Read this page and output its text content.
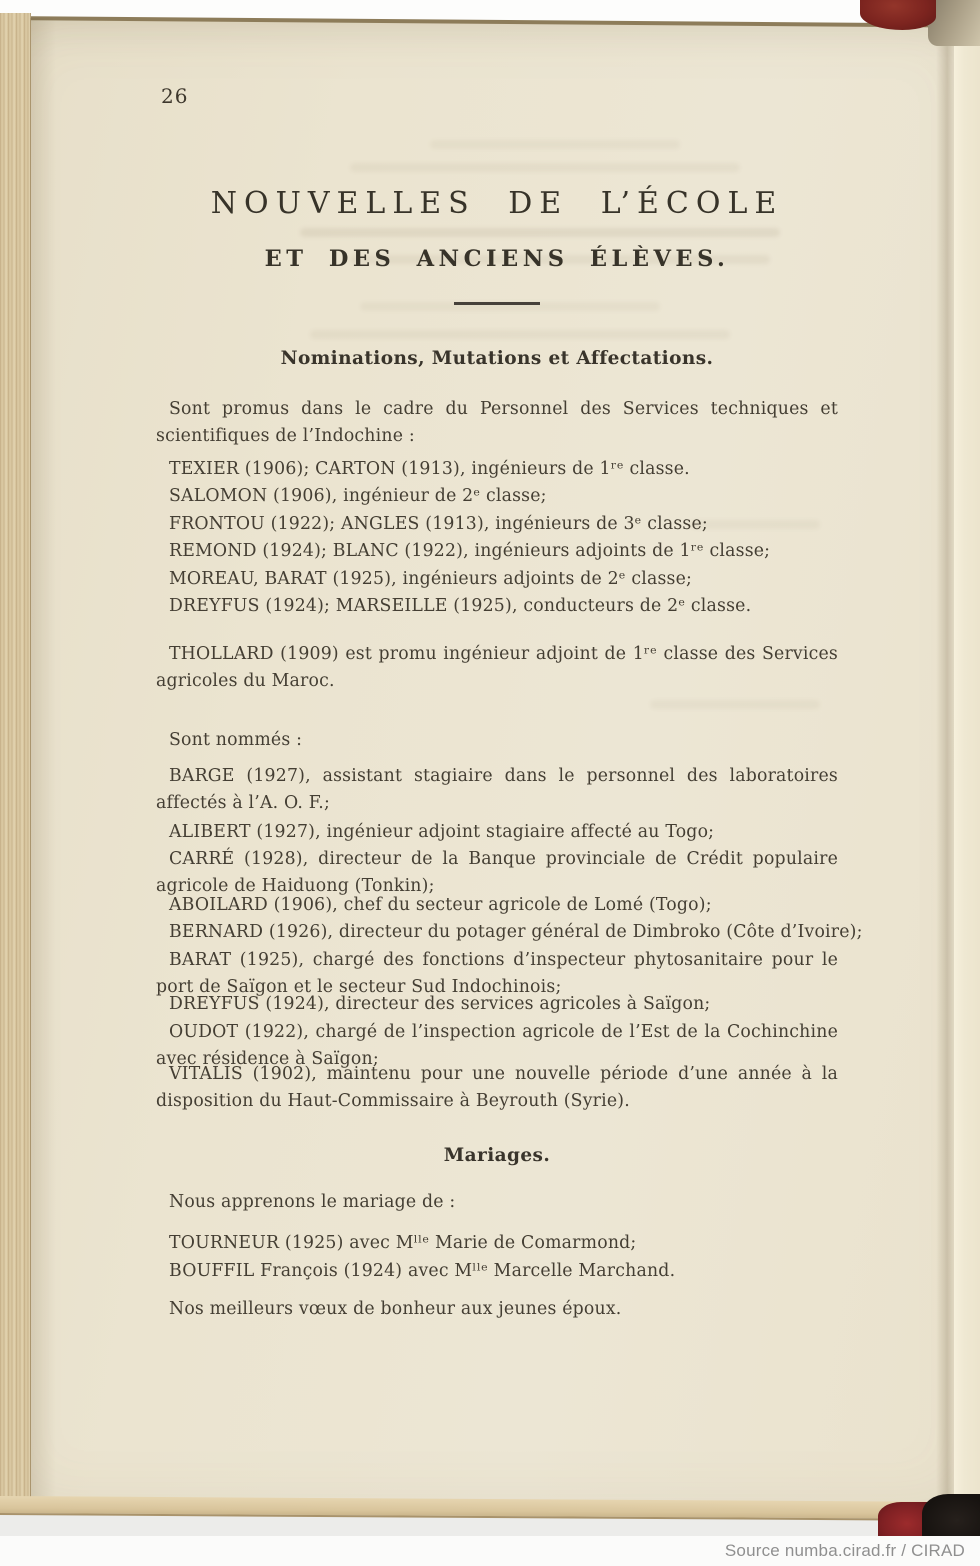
26
NOUVELLES DE L’ÉCOLE
ET DES ANCIENS ÉLÈVES.
Nominations, Mutations et Affectations.
Sont promus dans le cadre du Personnel des Services techniques et scientifiques de l’Indochine :
TEXIER (1906); CARTON (1913), ingénieurs de 1ʳᵉ classe.
SALOMON (1906), ingénieur de 2ᵉ classe;
FRONTOU (1922); ANGLES (1913), ingénieurs de 3ᵉ classe;
REMOND (1924); BLANC (1922), ingénieurs adjoints de 1ʳᵉ classe;
MOREAU, BARAT (1925), ingénieurs adjoints de 2ᵉ classe;
DREYFUS (1924); MARSEILLE (1925), conducteurs de 2ᵉ classe.
THOLLARD (1909) est promu ingénieur adjoint de 1ʳᵉ classe des Services agricoles du Maroc.
Sont nommés :
BARGE (1927), assistant stagiaire dans le personnel des laboratoires affectés à l’A. O. F.;
ALIBERT (1927), ingénieur adjoint stagiaire affecté au Togo;
CARRÉ (1928), directeur de la Banque provinciale de Crédit populaire agricole de Haiduong (Tonkin);
ABOILARD (1906), chef du secteur agricole de Lomé (Togo);
BERNARD (1926), directeur du potager général de Dimbroko (Côte d’Ivoire);
BARAT (1925), chargé des fonctions d’inspecteur phytosanitaire pour le port de Saïgon et le secteur Sud Indochinois;
DREYFUS (1924), directeur des services agricoles à Saïgon;
OUDOT (1922), chargé de l’inspection agricole de l’Est de la Cochinchine avec résidence à Saïgon;
VITALIS (1902), maintenu pour une nouvelle période d’une année à la disposition du Haut-Commissaire à Beyrouth (Syrie).
Mariages.
Nous apprenons le mariage de :
TOURNEUR (1925) avec Mˡˡᵉ Marie de Comarmond;
BOUFFIL François (1924) avec Mˡˡᵉ Marcelle Marchand.
Nos meilleurs vœux de bonheur aux jeunes époux.
Source numba.cirad.fr / CIRAD
